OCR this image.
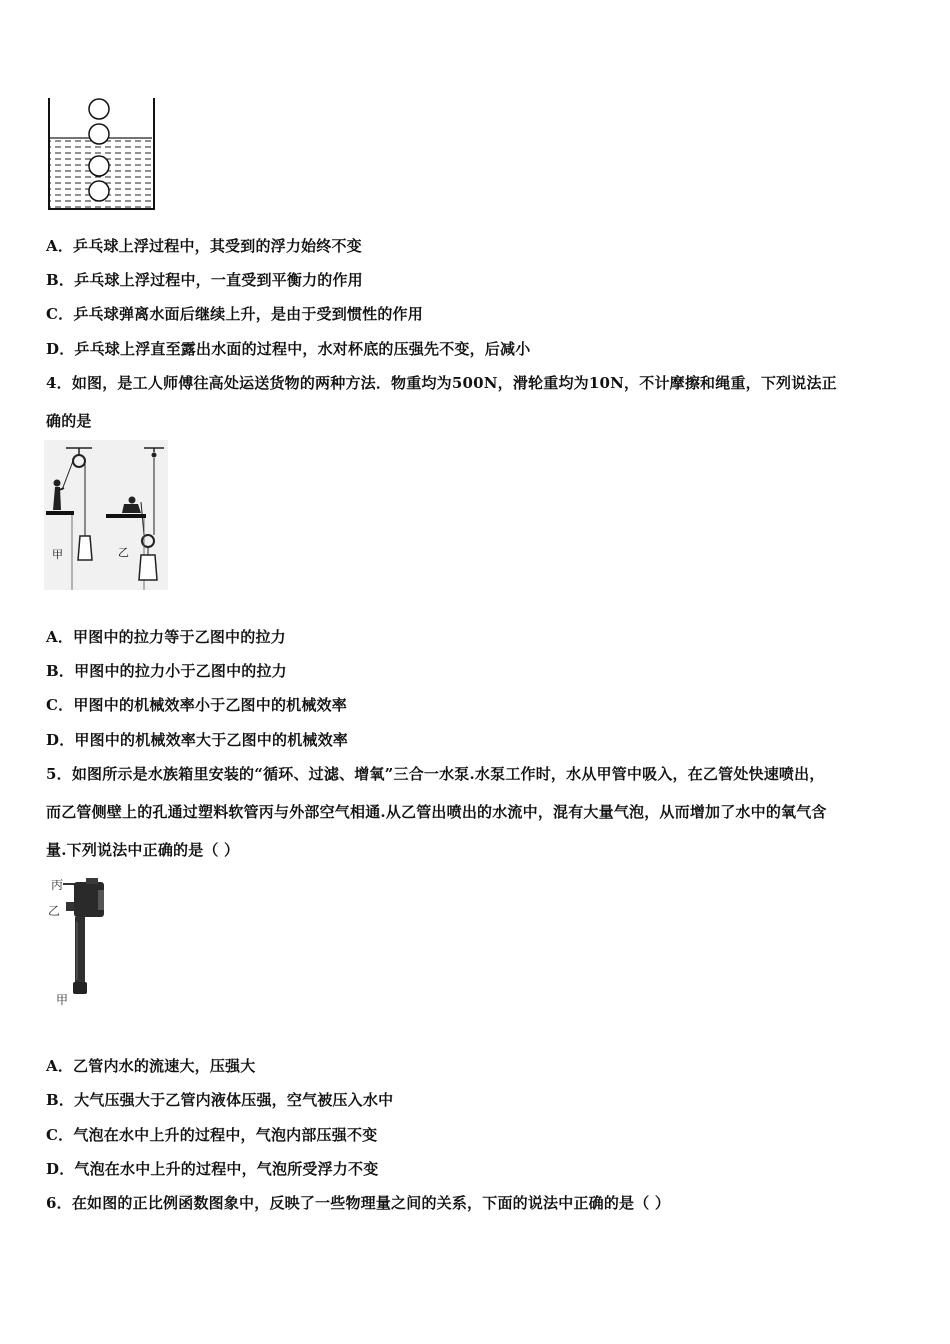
A．乒乓球上浮过程中，其受到的浮力始终不变
B．乒乓球上浮过程中，一直受到平衡力的作用
C．乒乓球弹离水面后继续上升，是由于受到惯性的作用
D．乒乓球上浮直至露出水面的过程中，水对杯底的压强先不变，后减小
4．如图，是工人师傅往高处运送货物的两种方法．物重均为500N，滑轮重均为10N，不计摩擦和绳重，下列说法正
确的是
甲	乙
A．甲图中的拉力等于乙图中的拉力
B．甲图中的拉力小于乙图中的拉力
C．甲图中的机械效率小于乙图中的机械效率
D．甲图中的机械效率大于乙图中的机械效率
5．如图所示是水族箱里安装的“循环、过滤、增氧”三合一水泵.水泵工作时，水从甲管中吸入，在乙管处快速喷出，
而乙管侧壁上的孔通过塑料软管丙与外部空气相通.从乙管出喷出的水流中，混有大量气泡，从而增加了水中的氧气含
量.下列说法中正确的是（ ）
丙
乙
甲
A．乙管内水的流速大，压强大
B．大气压强大于乙管内液体压强，空气被压入水中
C．气泡在水中上升的过程中，气泡内部压强不变
D．气泡在水中上升的过程中，气泡所受浮力不变
6．在如图的正比例函数图象中，反映了一些物理量之间的关系，下面的说法中正确的是（ ）
